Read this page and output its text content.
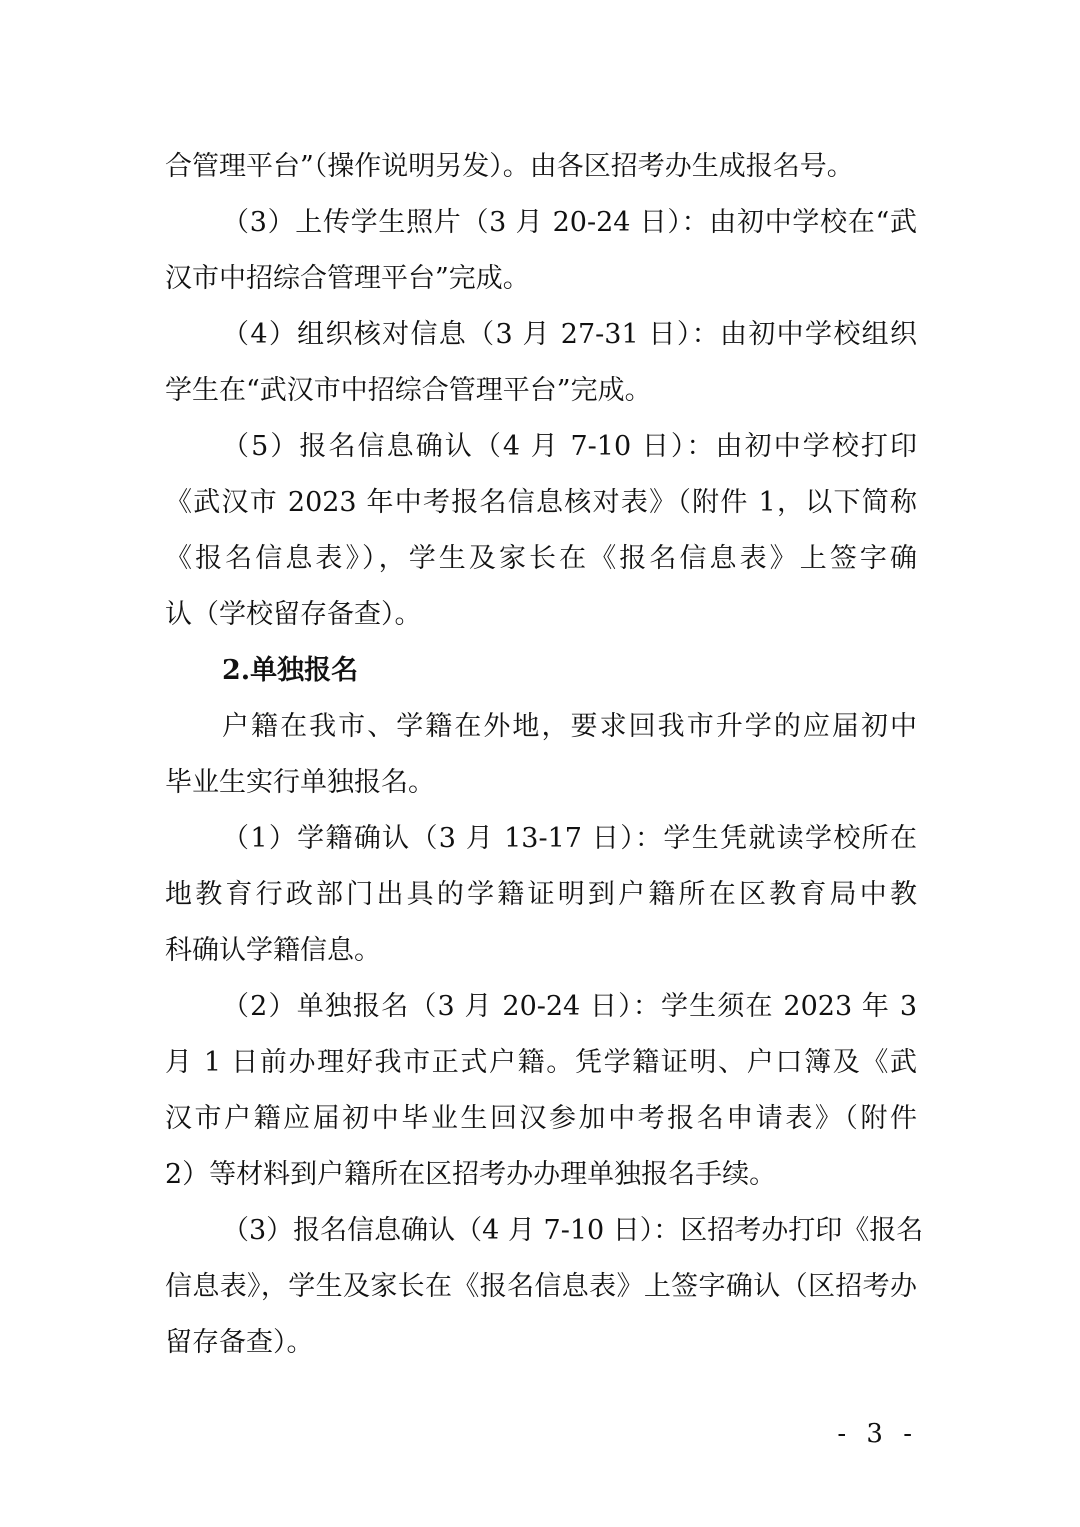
合管理平台”（操作说明另发）。由各区招考办生成报名号。
（3）上传学生照片（3 月 20-24 日）：由初中学校在“武
汉市中招综合管理平台”完成。
（4）组织核对信息（3 月 27-31 日）：由初中学校组织
学生在“武汉市中招综合管理平台”完成。
（5）报名信息确认（4 月 7-10 日）：由初中学校打印
《武汉市 2023 年中考报名信息核对表》（附件 1，以下简称
《报名信息表》），学生及家长在《报名信息表》上签字确
认（学校留存备查）。
2.单独报名
户籍在我市、学籍在外地，要求回我市升学的应届初中
毕业生实行单独报名。
（1）学籍确认（3 月 13-17 日）：学生凭就读学校所在
地教育行政部门出具的学籍证明到户籍所在区教育局中教
科确认学籍信息。
（2）单独报名（3 月 20-24 日）：学生须在 2023 年 3
月 1 日前办理好我市正式户籍。凭学籍证明、户口簿及《武
汉市户籍应届初中毕业生回汉参加中考报名申请表》（附件
2）等材料到户籍所在区招考办办理单独报名手续。
（3）报名信息确认（4 月 7-10 日）：区招考办打印《报名
信息表》，学生及家长在《报名信息表》上签字确认（区招考办
留存备查）。
- 3 -
